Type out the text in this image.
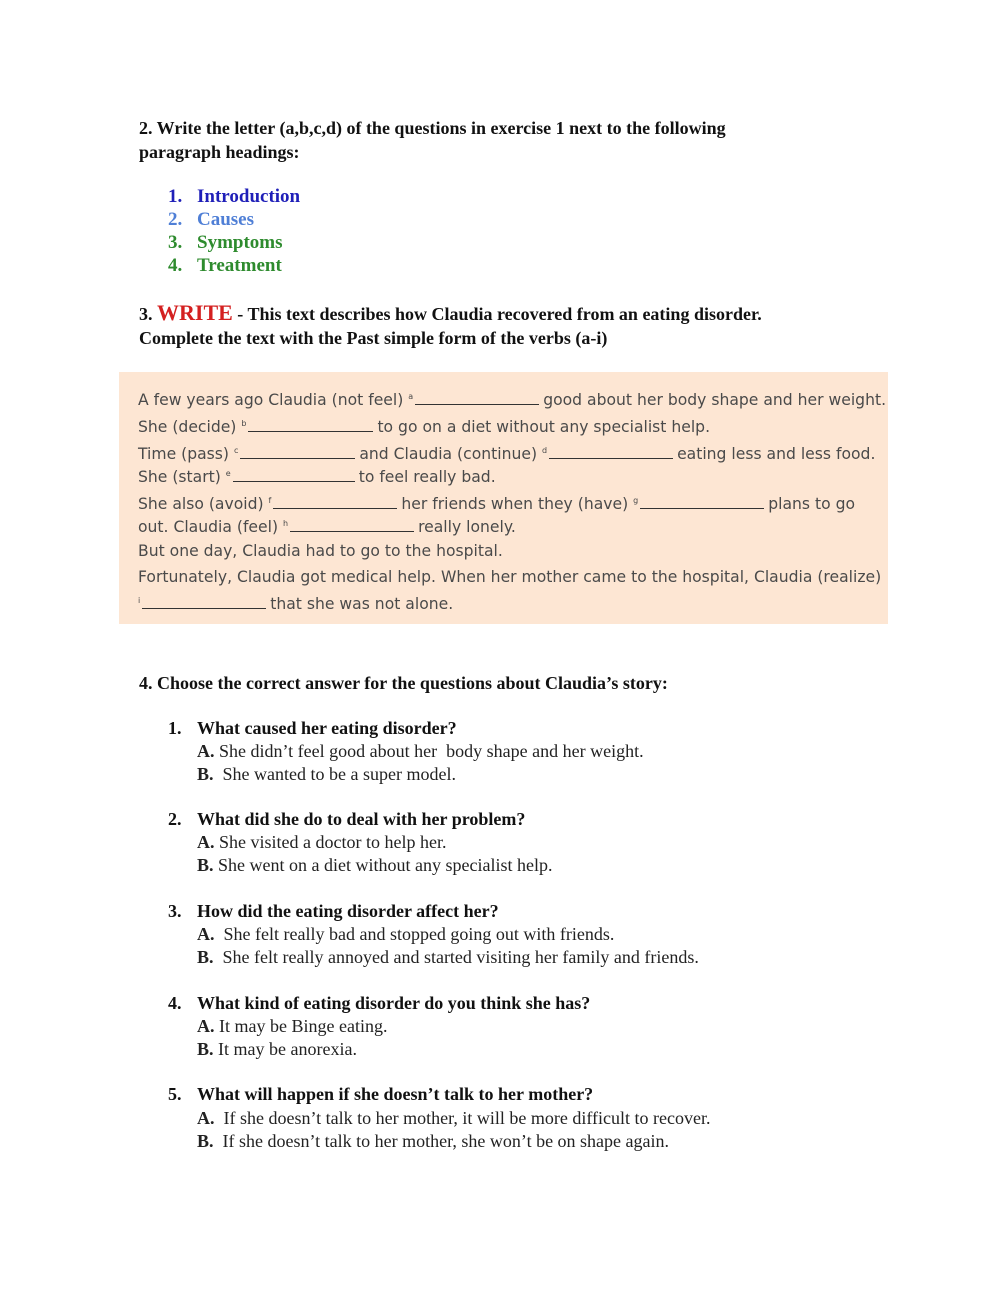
2. Write the letter (a,b,c,d) of the questions in exercise 1 next to the following
paragraph headings:
1. Introduction
2. Causes
3. Symptoms
4. Treatment
3. WRITE - This text describes how Claudia recovered from an eating disorder.
Complete the text with the Past simple form of the verbs (a-i)
A few years ago Claudia (not feel) $^a$	good about her body shape and her weight.
She (decide) $^b$	to go on a diet without any specialist help.
Time (pass) $^c$	and Claudia (continue) $^d$	eating less and less food.
She (start) $^e$	to feel really bad.
She also (avoid) $^f$	her friends when they (have) $^g$	plans to go
out. Claudia (feel) $^h$	really lonely.
But one day, Claudia had to go to the hospital.
Fortunately, Claudia got medical help. When her mother came to the hospital, Claudia (realize)
$^i$	that she was not alone.
4. Choose the correct answer for the questions about Claudia’s story:
1. What caused her eating disorder?
A. She didn’t feel good about her  body shape and her weight.
B.  She wanted to be a super model.
2. What did she do to deal with her problem?
A. She visited a doctor to help her.
B. She went on a diet without any specialist help.
3. How did the eating disorder affect her?
A.  She felt really bad and stopped going out with friends.
B.  She felt really annoyed and started visiting her family and friends.
4. What kind of eating disorder do you think she has?
A. It may be Binge eating.
B. It may be anorexia.
5. What will happen if she doesn’t talk to her mother?
A.  If she doesn’t talk to her mother, it will be more difficult to recover.
B.  If she doesn’t talk to her mother, she won’t be on shape again.
